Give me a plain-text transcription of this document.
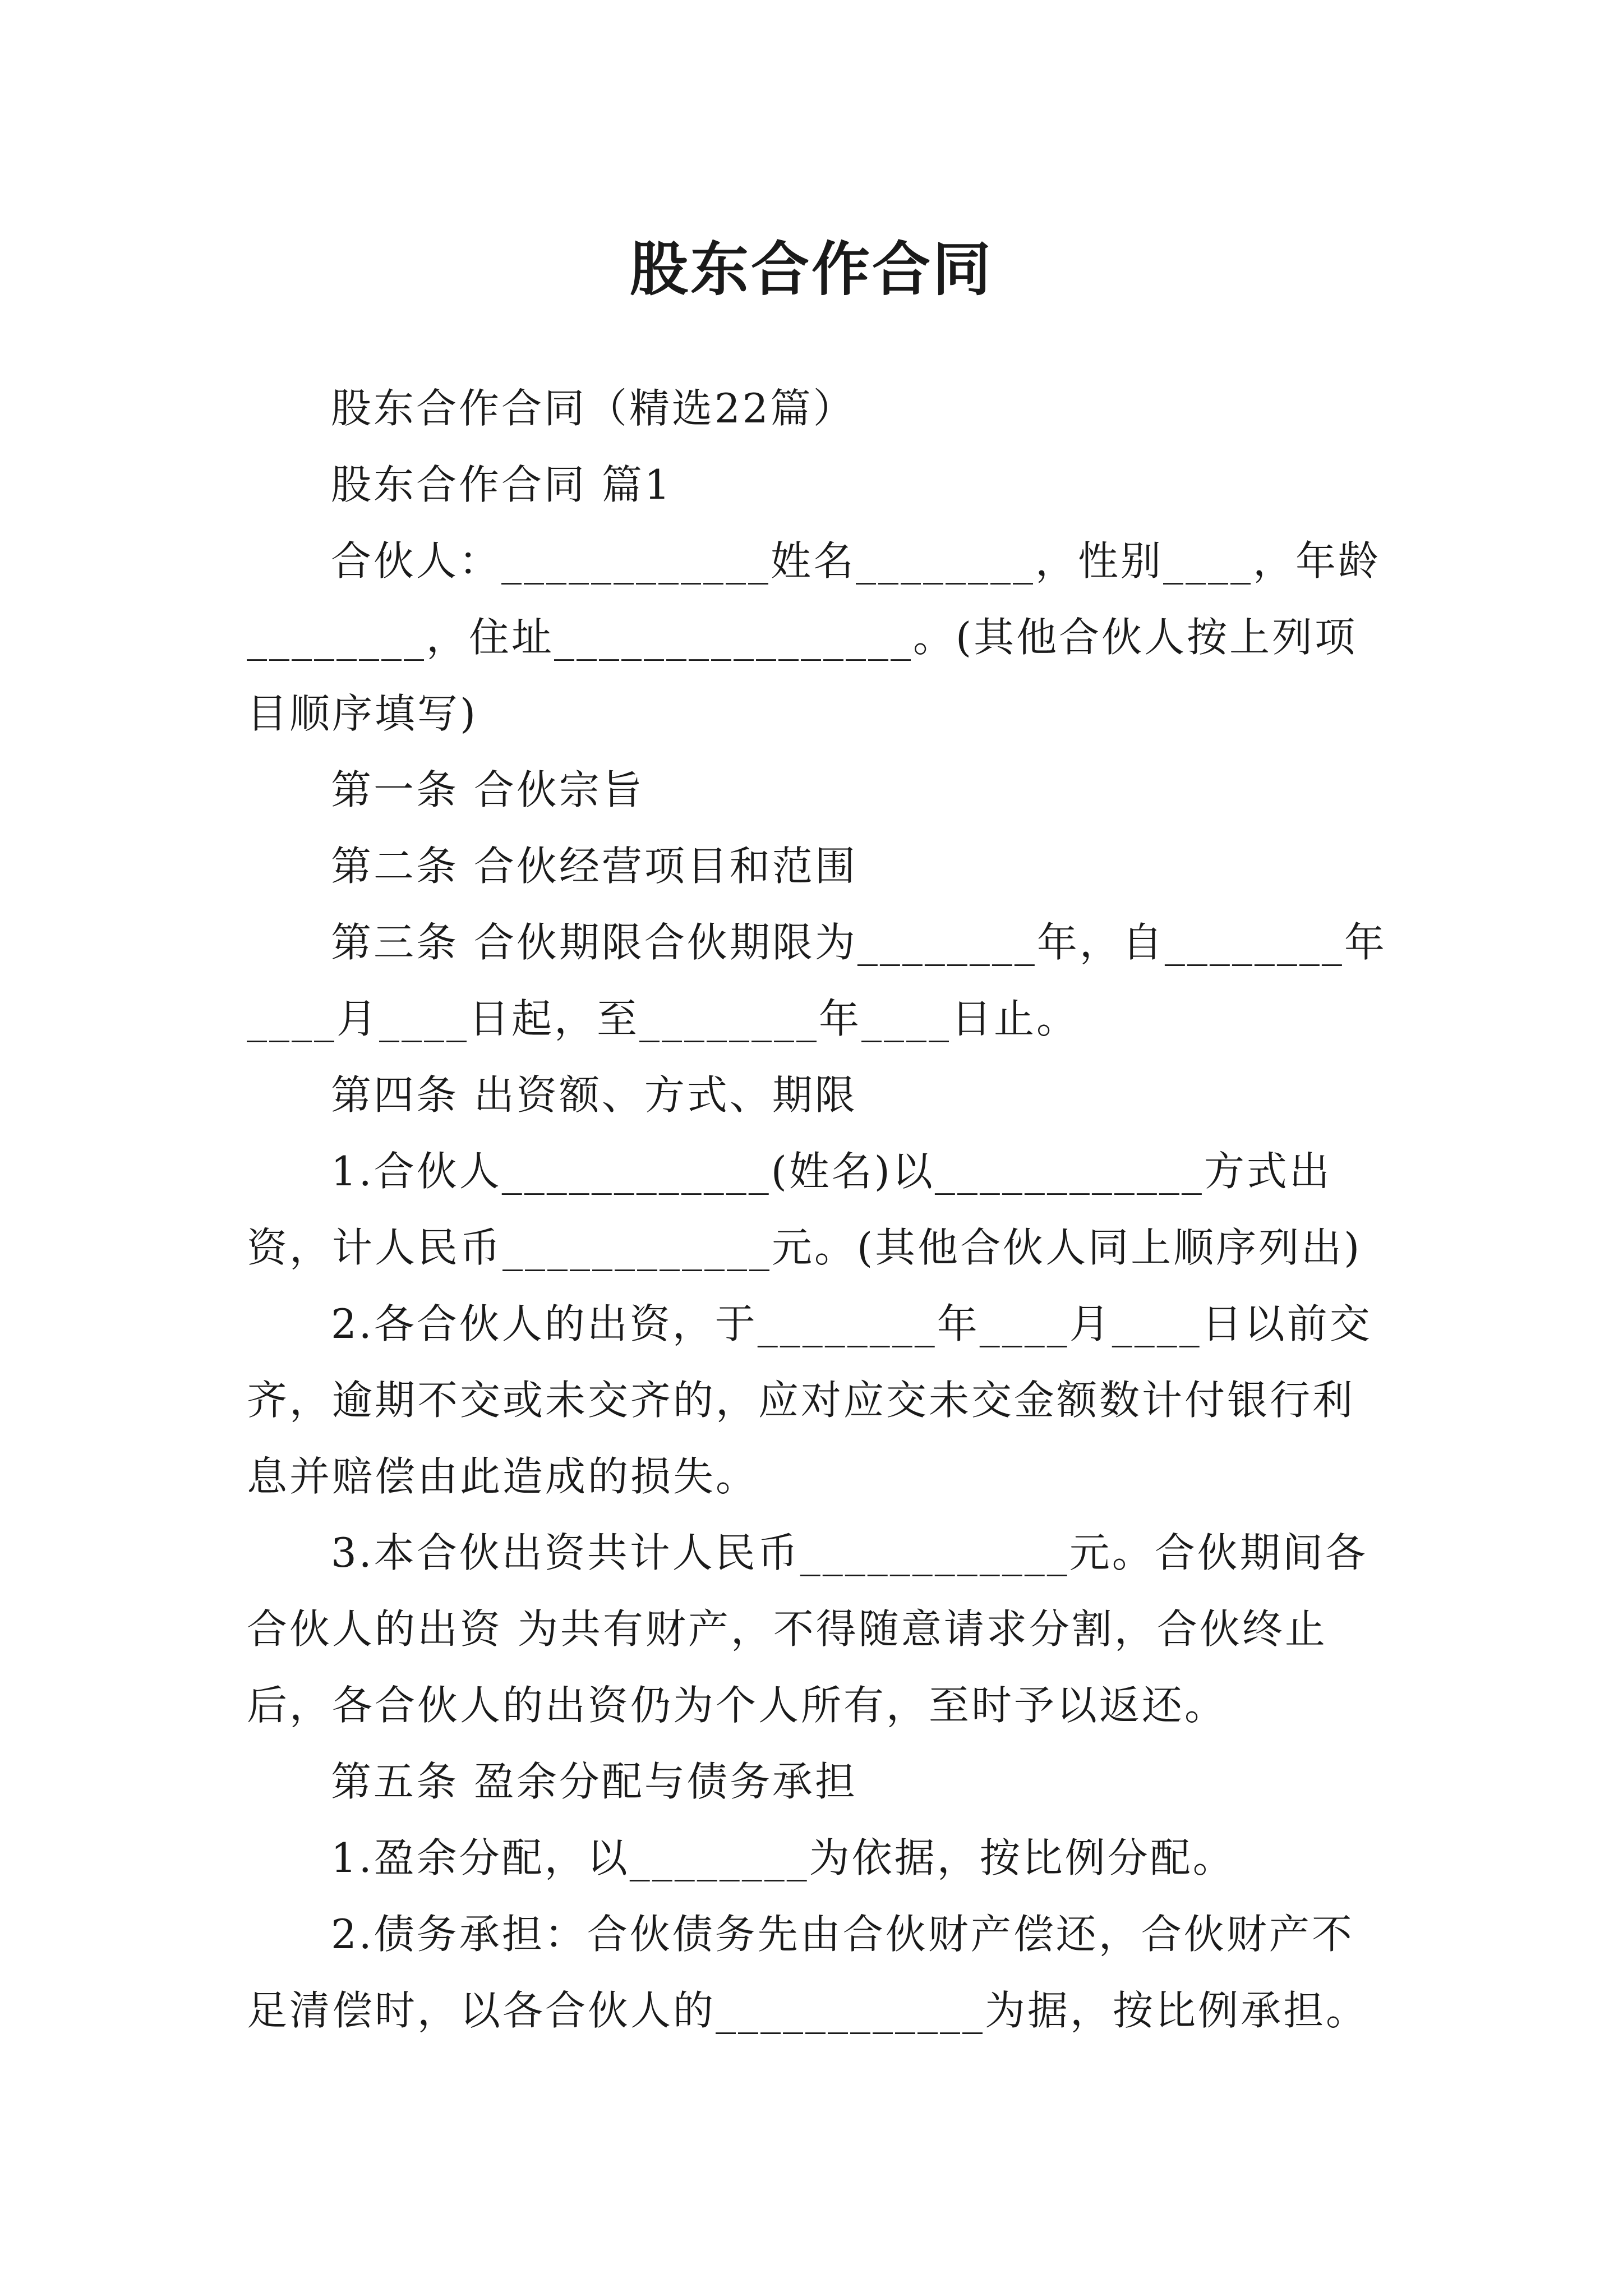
股东合作合同

股东合作合同（精选22篇）

股东合作合同 篇1

合伙人：____________姓名________，性别____，年龄________，住址________________。(其他合伙人按上列项目顺序填写)

第一条 合伙宗旨

第二条 合伙经营项目和范围

第三条 合伙期限合伙期限为________年，自________年____月____日起，至________年____日止。

第四条 出资额、方式、期限

1.合伙人____________(姓名)以____________方式出资，计人民币____________元。(其他合伙人同上顺序列出)

2.各合伙人的出资，于________年____月____日以前交齐，逾期不交或未交齐的，应对应交未交金额数计付银行利息并赔偿由此造成的损失。

3.本合伙出资共计人民币____________元。合伙期间各合伙人的出资 为共有财产，不得随意请求分割，合伙终止后，各合伙人的出资仍为个人所有，至时予以返还。

第五条 盈余分配与债务承担

1.盈余分配，以________为依据，按比例分配。

2.债务承担：合伙债务先由合伙财产偿还，合伙财产不足清偿时，以各合伙人的____________为据，按比例承担。
